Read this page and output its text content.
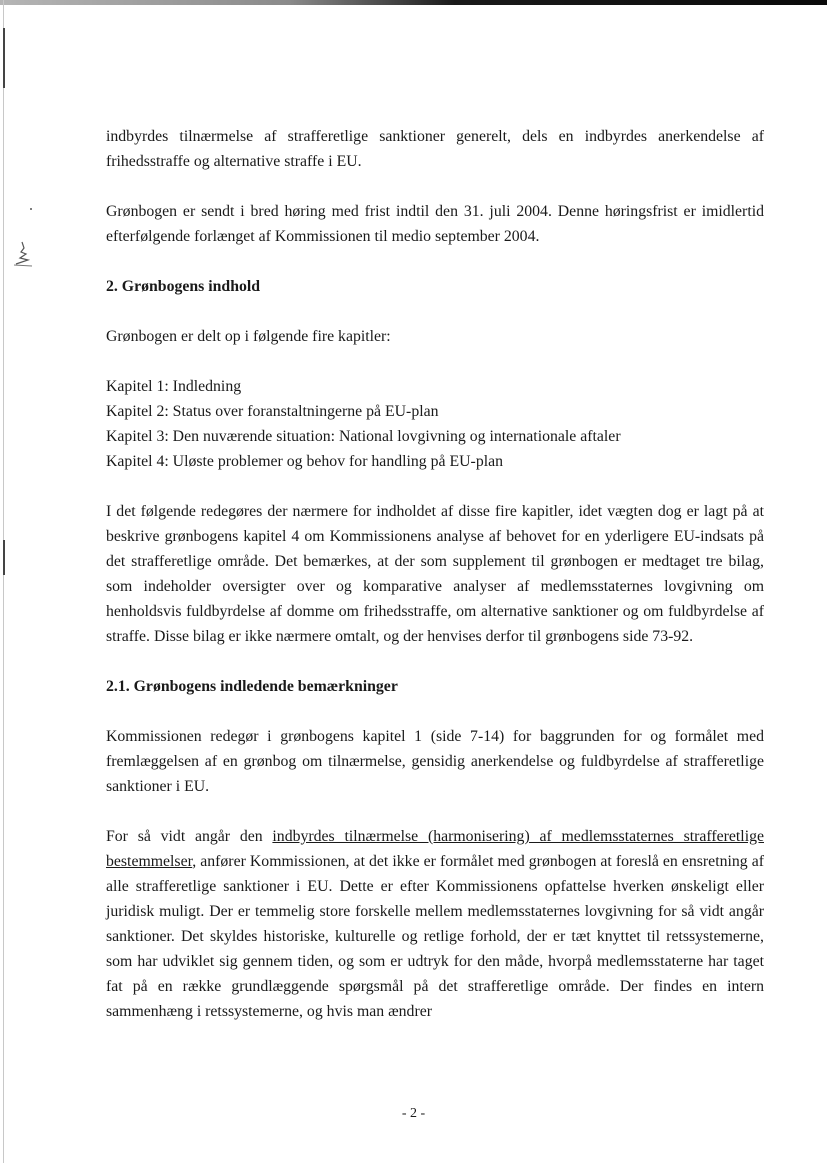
indbyrdes tilnærmelse af strafferetlige sanktioner generelt, dels en indbyrdes anerkendelse af frihedsstraffe og alternative straffe i EU.

Grønbogen er sendt i bred høring med frist indtil den 31. juli 2004. Denne høringsfrist er imidlertid efterfølgende forlænget af Kommissionen til medio september 2004.

2. Grønbogens indhold

Grønbogen er delt op i følgende fire kapitler:

Kapitel 1: Indledning

Kapitel 2: Status over foranstaltningerne på EU-plan

Kapitel 3: Den nuværende situation: National lovgivning og internationale aftaler

Kapitel 4: Uløste problemer og behov for handling på EU-plan

I det følgende redegøres der nærmere for indholdet af disse fire kapitler, idet vægten dog er lagt på at beskrive grønbogens kapitel 4 om Kommissionens analyse af behovet for en yderligere EU-indsats på det strafferetlige område. Det bemærkes, at der som supplement til grønbogen er medtaget tre bilag, som indeholder oversigter over og komparative analyser af medlemsstaternes lovgivning om henholdsvis fuldbyrdelse af domme om frihedsstraffe, om alternative sanktioner og om fuldbyrdelse af straffe. Disse bilag er ikke nærmere omtalt, og der henvises derfor til grønbogens side 73-92.

2.1. Grønbogens indledende bemærkninger

Kommissionen redegør i grønbogens kapitel 1 (side 7-14) for baggrunden for og formålet med fremlæggelsen af en grønbog om tilnærmelse, gensidig anerkendelse og fuldbyrdelse af strafferetlige sanktioner i EU.

For så vidt angår den indbyrdes tilnærmelse (harmonisering) af medlemsstaternes strafferetlige bestemmelser, anfører Kommissionen, at det ikke er formålet med grønbogen at foreslå en ensretning af alle strafferetlige sanktioner i EU. Dette er efter Kommissionens opfattelse hverken ønskeligt eller juridisk muligt. Der er temmelig store forskelle mellem medlemsstaternes lovgivning for så vidt angår sanktioner. Det skyldes historiske, kulturelle og retlige forhold, der er tæt knyttet til retssystemerne, som har udviklet sig gennem tiden, og som er udtryk for den måde, hvorpå medlemsstaterne har taget fat på en række grundlæggende spørgsmål på det strafferetlige område. Der findes en intern sammenhæng i retssystemerne, og hvis man ændrer

- 2 -
